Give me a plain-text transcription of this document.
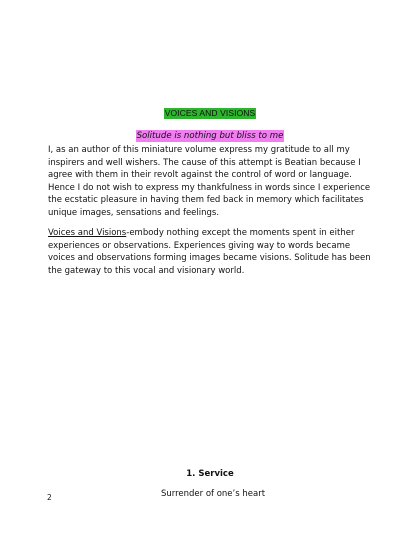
VOICES AND VISIONS
Solitude is nothing but bliss to me

I, as an author of this miniature volume express my gratitude to all my inspirers and well wishers. The cause of this attempt is Beatian because I agree with them in their revolt against the control of word or language. Hence I do not wish to express my thankfulness in words since I experience the ecstatic pleasure in having them fed back in memory which facilitates unique images, sensations and feelings.

Voices and Visions-embody nothing except the moments spent in either experiences or observations. Experiences giving way to words became voices and observations forming images became visions. Solitude has been the gateway to this vocal and visionary world.

1. Service
Surrender of one’s heart
2
